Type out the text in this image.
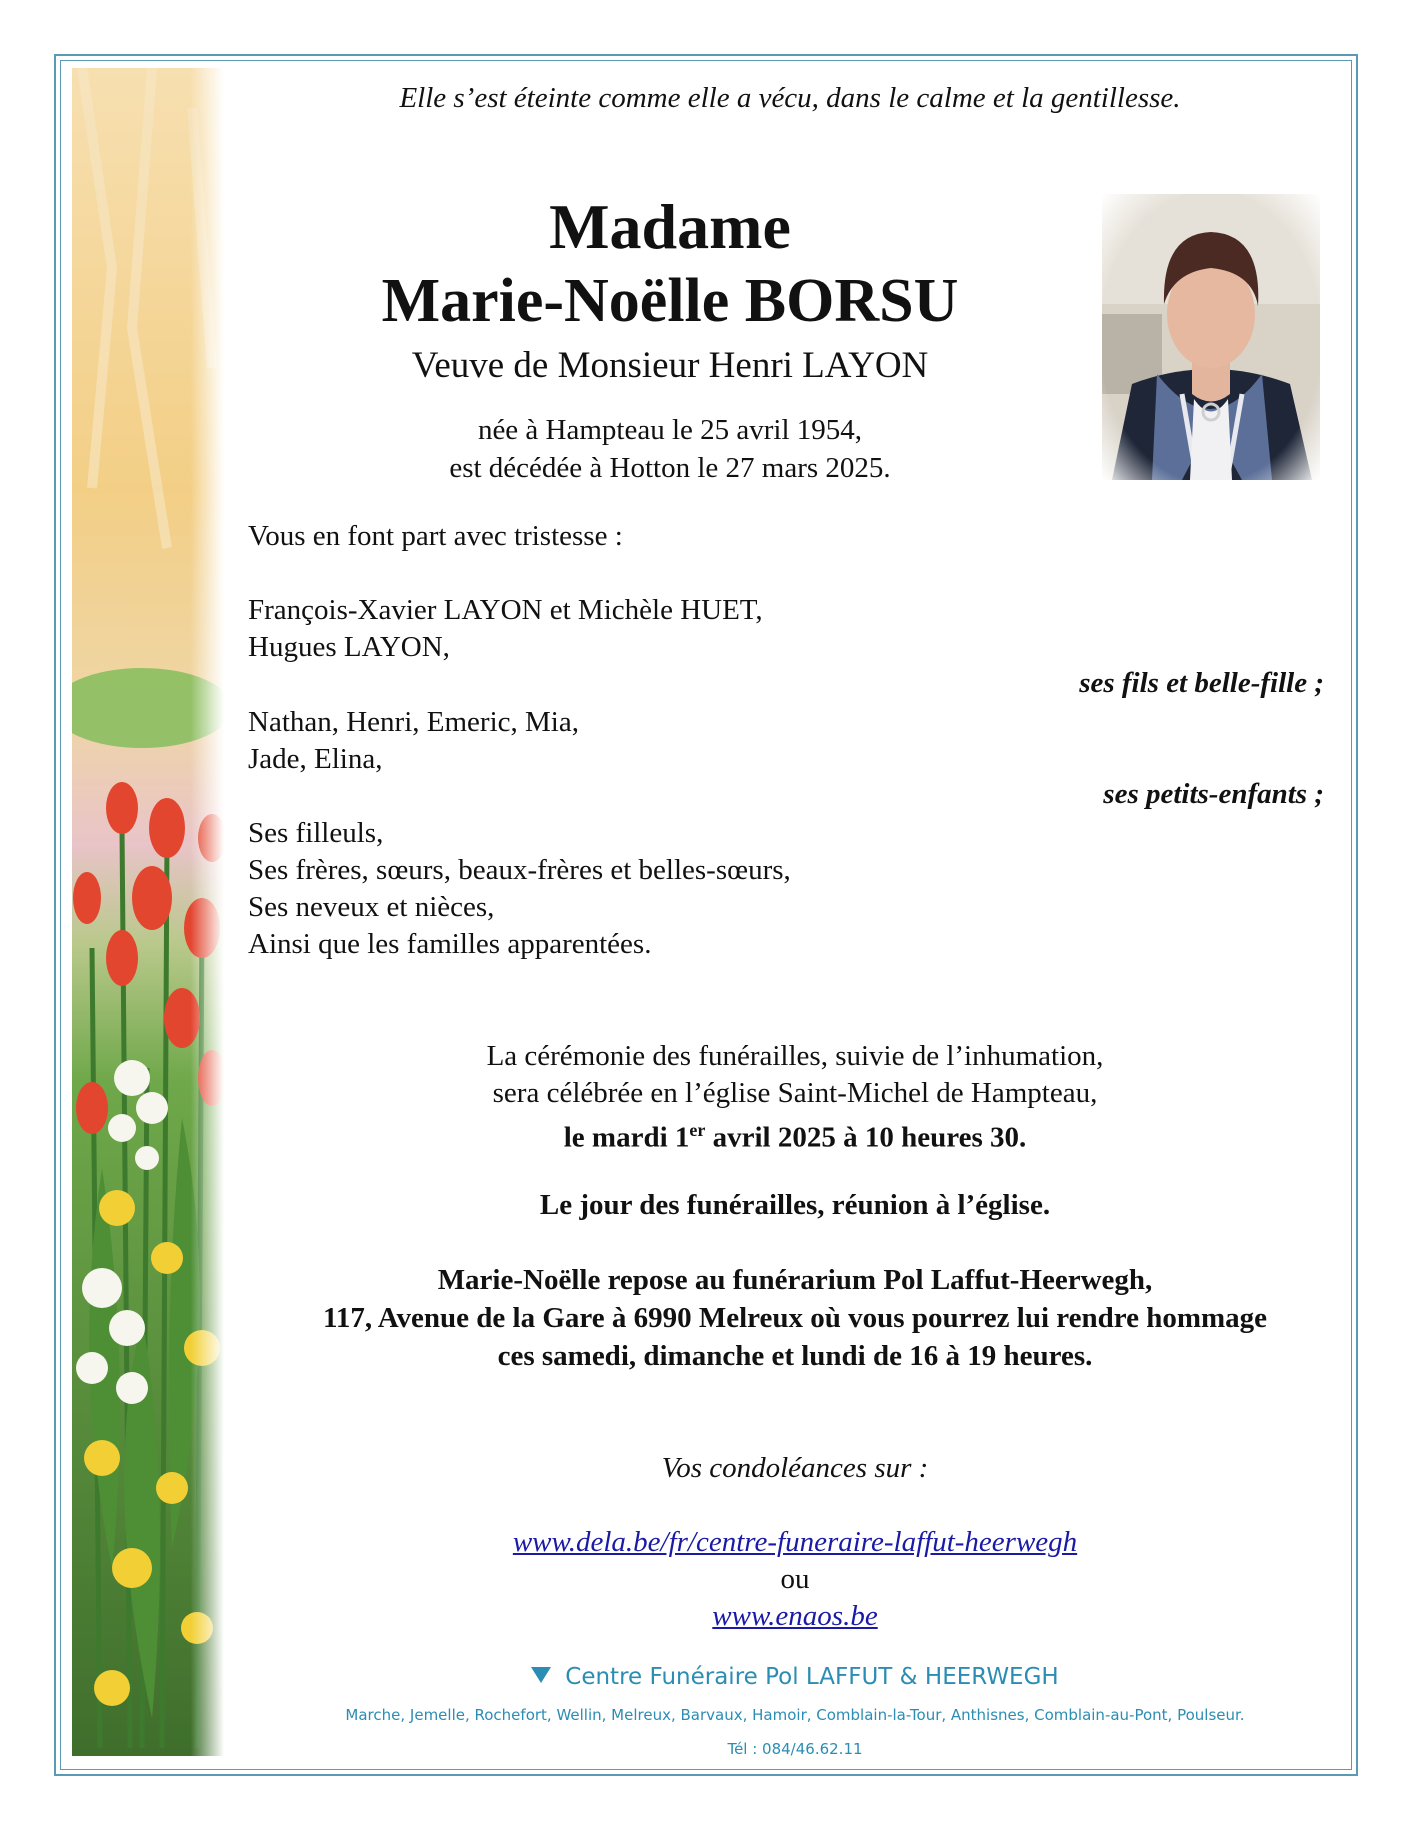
Elle s’est éteinte comme elle a vécu, dans le calme et la gentillesse.
Madame
Marie-Noëlle BORSU
Veuve de Monsieur Henri LAYON
née à Hampteau le 25 avril 1954,
est décédée à Hotton le 27 mars 2025.
Vous en font part avec tristesse :
François-Xavier LAYON et Michèle HUET,
Hugues LAYON,
ses fils et belle-fille ;
Nathan, Henri, Emeric, Mia,
Jade, Elina,
ses petits-enfants ;
Ses filleuls,
Ses frères, sœurs, beaux-frères et belles-sœurs,
Ses neveux et nièces,
Ainsi que les familles apparentées.
La cérémonie des funérailles, suivie de l’inhumation,
sera célébrée en l’église Saint-Michel de Hampteau,
le mardi 1er avril 2025 à 10 heures 30.
Le jour des funérailles, réunion à l’église.
Marie-Noëlle repose au funérarium Pol Laffut-Heerwegh,
117, Avenue de la Gare à 6990 Melreux où vous pourrez lui rendre hommage
ces samedi, dimanche et lundi de 16 à 19 heures.
Vos condoléances sur :
www.dela.be/fr/centre-funeraire-laffut-heerwegh
ou
www.enaos.be
Centre Funéraire Pol LAFFUT & HEERWEGH
Marche, Jemelle, Rochefort, Wellin, Melreux, Barvaux, Hamoir, Comblain-la-Tour, Anthisnes, Comblain-au-Pont, Poulseur.
Tél : 084/46.62.11
